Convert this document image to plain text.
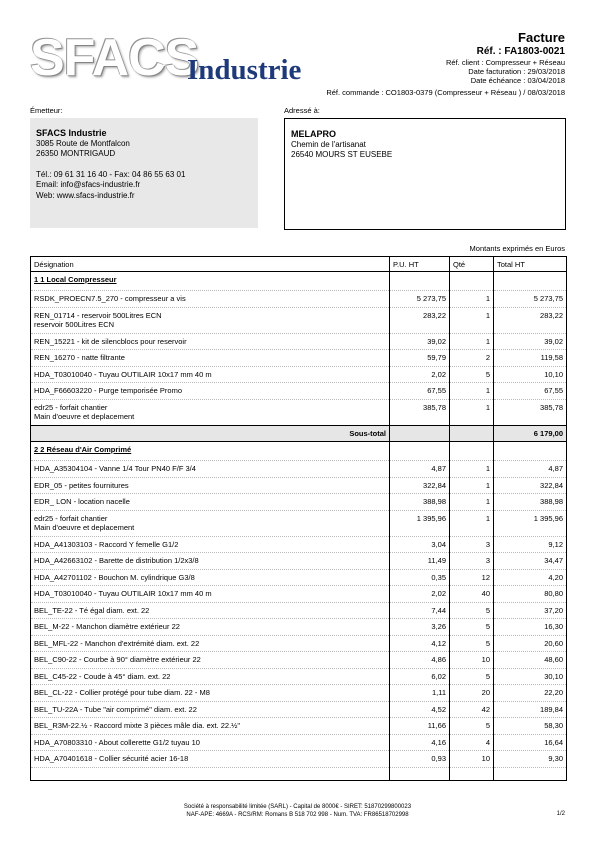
SFACS
Industrie
Facture
Réf. : FA1803-0021
Réf. client : Compresseur + Réseau
Date facturation : 29/03/2018
Date échéance : 03/04/2018
Réf. commande : CO1803-0379 (Compresseur + Réseau ) / 08/03/2018
Émetteur:	Adressé à:
SFACS Industrie
3085 Route de Montfalcon
26350 MONTRIGAUD
Tél.: 09 61 31 16 40 - Fax: 04 86 55 63 01
Email: info@sfacs-industrie.fr
Web: www.sfacs-industrie.fr
MELAPRO
Chemin de l'artisanat
26540 MOURS ST EUSEBE
Montants exprimés en Euros
Désignation	P.U. HT	Qté	Total HT
1 1 Local Compresseur			

RSDK_PROECN7.5_270 - compresseur a vis	5 273,75	1	5 273,75

REN_01714 - reservoir 500Litres ECN
reservoir 500Litres ECN	283,22	1	283,22

REN_15221 - kit de silencblocs pour reservoir	39,02	1	39,02

REN_16270 - natte filtrante	59,79	2	119,58

HDA_T03010040 - Tuyau OUTILAIR 10x17 mm 40 m	2,02	5	10,10

HDA_F66603220 - Purge temporisée Promo	67,55	1	67,55

edr25 - forfait chantier
Main d'oeuvre et deplacement	385,78	1	385,78
Sous-total			6 179,00
2 2 Réseau d'Air Comprimé			

HDA_A35304104 - Vanne 1/4 Tour PN40 F/F 3/4	4,87	1	4,87

EDR_05 - petites fournitures	322,84	1	322,84

EDR_ LON - location nacelle	388,98	1	388,98

edr25 - forfait chantier
Main d'oeuvre et deplacement	1 395,96	1	1 395,96

HDA_A41303103 - Raccord Y femelle G1/2	3,04	3	9,12

HDA_A42663102 - Barette de distribution 1/2x3/8	11,49	3	34,47

HDA_A42701102 - Bouchon M. cylindrique G3/8	0,35	12	4,20

HDA_T03010040 - Tuyau OUTILAIR 10x17 mm 40 m	2,02	40	80,80

BEL_TE-22 - Té égal diam. ext. 22	7,44	5	37,20

BEL_M-22 - Manchon diamètre extérieur 22	3,26	5	16,30

BEL_MFL-22 - Manchon d'extrémité diam. ext. 22	4,12	5	20,60

BEL_C90-22 - Courbe à 90° diamètre extérieur 22	4,86	10	48,60

BEL_C45-22 - Coude à 45° diam. ext. 22	6,02	5	30,10

BEL_CL-22 - Collier protégé pour tube diam. 22 - M8	1,11	20	22,20

BEL_TU-22A - Tube "air comprimé" diam. ext. 22	4,52	42	189,84

BEL_R3M-22.½ - Raccord mixte 3 pièces mâle dia. ext. 22.½"	11,66	5	58,30

HDA_A70803310 - About collerette G1/2 tuyau 10	4,16	4	16,64

HDA_A70401618 - Collier sécurité acier 16-18	0,93	10	9,30

Société à responsabilité limitée (SARL) - Capital de 8000€ - SIRET: 51870299800023
NAF-APE: 4669A - RCS/RM: Romans B 518 702 998 - Num. TVA: FR86518702998	1/2
